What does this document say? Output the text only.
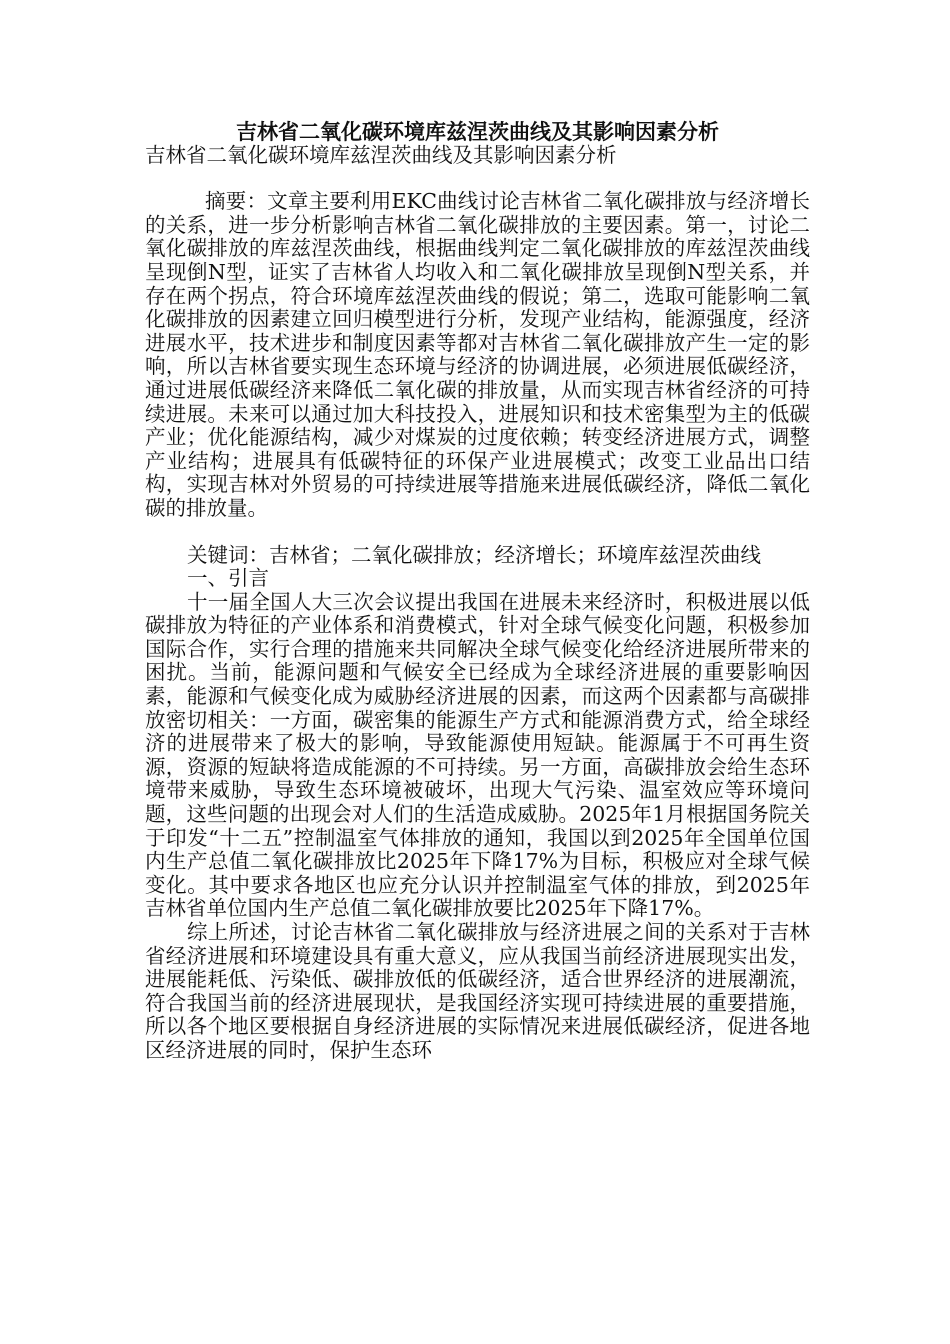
吉林省二氧化碳环境库兹涅茨曲线及其影响因素分析

吉林省二氧化碳环境库兹涅茨曲线及其影响因素分析

摘要：文章主要利用EKC曲线讨论吉林省二氧化碳排放与经济增长的关系，进一步分析影响吉林省二氧化碳排放的主要因素。第一，讨论二氧化碳排放的库兹涅茨曲线，根据曲线判定二氧化碳排放的库兹涅茨曲线呈现倒N型，证实了吉林省人均收入和二氧化碳排放呈现倒N型关系，并存在两个拐点，符合环境库兹涅茨曲线的假说；第二，选取可能影响二氧化碳排放的因素建立回归模型进行分析，发现产业结构，能源强度，经济进展水平，技术进步和制度因素等都对吉林省二氧化碳排放产生一定的影响，所以吉林省要实现生态环境与经济的协调进展，必须进展低碳经济，通过进展低碳经济来降低二氧化碳的排放量，从而实现吉林省经济的可持续进展。未来可以通过加大科技投入，进展知识和技术密集型为主的低碳产业；优化能源结构，减少对煤炭的过度依赖；转变经济进展方式，调整产业结构；进展具有低碳特征的环保产业进展模式；改变工业品出口结构，实现吉林对外贸易的可持续进展等措施来进展低碳经济，降低二氧化碳的排放量。

关键词：吉林省；二氧化碳排放；经济增长；环境库兹涅茨曲线

一、引言

十一届全国人大三次会议提出我国在进展未来经济时，积极进展以低碳排放为特征的产业体系和消费模式，针对全球气候变化问题，积极参加国际合作，实行合理的措施来共同解决全球气候变化给经济进展所带来的困扰。当前，能源问题和气候安全已经成为全球经济进展的重要影响因素，能源和气候变化成为威胁经济进展的因素，而这两个因素都与高碳排放密切相关：一方面，碳密集的能源生产方式和能源消费方式，给全球经济的进展带来了极大的影响，导致能源使用短缺。能源属于不可再生资源，资源的短缺将造成能源的不可持续。另一方面，高碳排放会给生态环境带来威胁，导致生态环境被破坏，出现大气污染、温室效应等环境问题，这些问题的出现会对人们的生活造成威胁。2025年1月根据国务院关于印发“十二五”控制温室气体排放的通知，我国以到2025年全国单位国内生产总值二氧化碳排放比2025年下降17%为目标，积极应对全球气候变化。其中要求各地区也应充分认识并控制温室气体的排放，到2025年吉林省单位国内生产总值二氧化碳排放要比2025年下降17%。

综上所述，讨论吉林省二氧化碳排放与经济进展之间的关系对于吉林省经济进展和环境建设具有重大意义，应从我国当前经济进展现实出发，进展能耗低、污染低、碳排放低的低碳经济，适合世界经济的进展潮流，符合我国当前的经济进展现状，是我国经济实现可持续进展的重要措施，所以各个地区要根据自身经济进展的实际情况来进展低碳经济，促进各地区经济进展的同时，保护生态环
